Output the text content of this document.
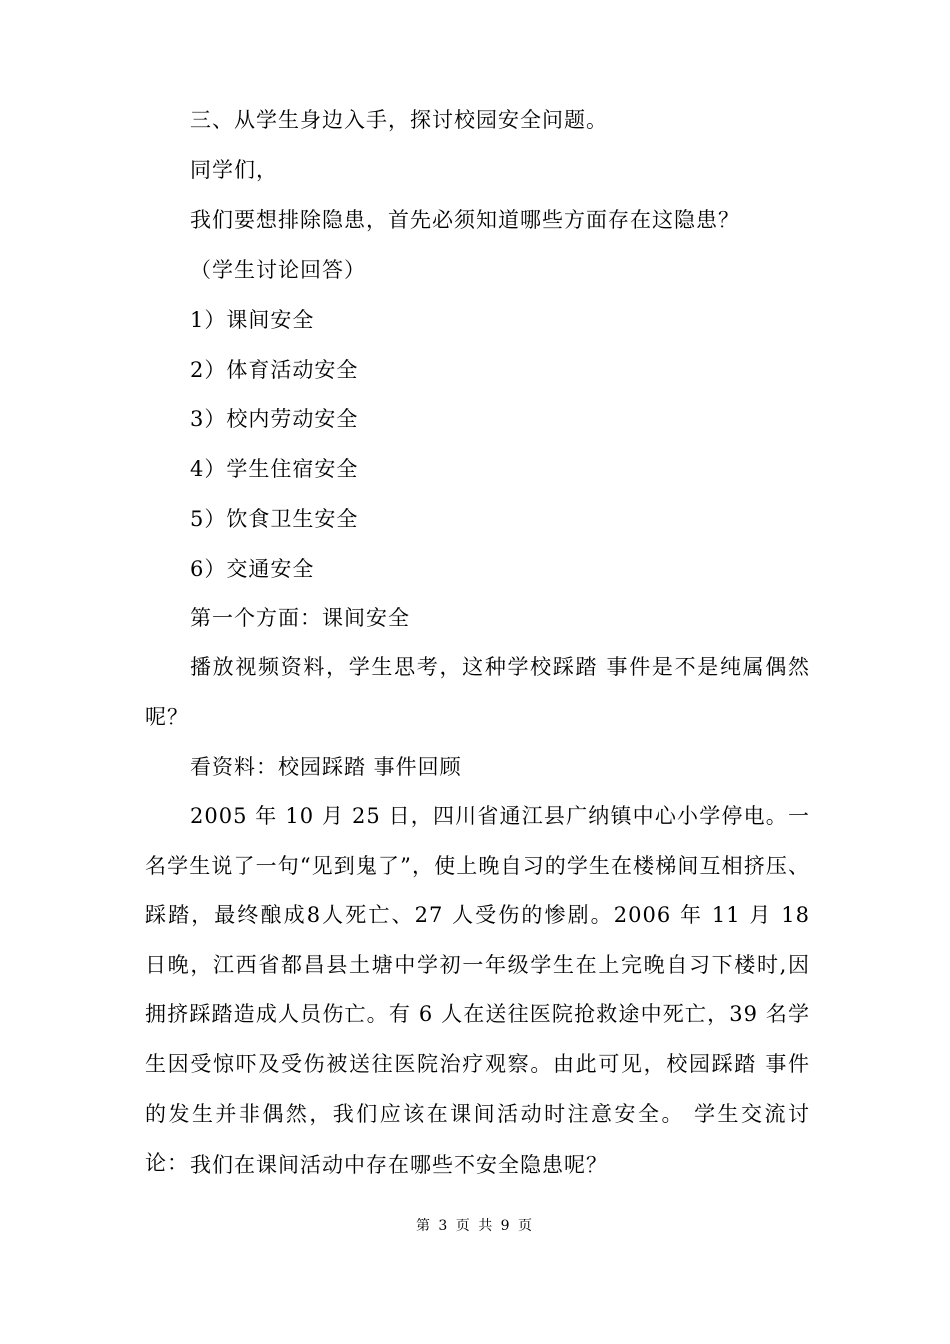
三、从学生身边入手，探讨校园安全问题。
同学们，
我们要想排除隐患，首先必须知道哪些方面存在这隐患？
（学生讨论回答）
1）课间安全
2）体育活动安全
3）校内劳动安全
4）学生住宿安全
5）饮食卫生安全
6）交通安全
第一个方面：课间安全
播放视频资料，学生思考，这种学校踩踏 事件是不是纯属偶然呢？
看资料：校园踩踏 事件回顾
2005 年 10 月 25 日，四川省通江县广纳镇中心小学停电。一名学生说了一句“见到鬼了”，使上晚自习的学生在楼梯间互相挤压、踩踏，最终酿成8人死亡、27 人受伤的惨剧。2006 年 11 月 18 日晚，江西省都昌县土塘中学初一年级学生在上完晚自习下楼时,因拥挤踩踏造成人员伤亡。有 6 人在送往医院抢救途中死亡，39 名学生因受惊吓及受伤被送往医院治疗观察。由此可见，校园踩踏 事件的发生并非偶然，我们应该在课间活动时注意安全。 学生交流讨论： 我们在课间活动中存在哪些不安全隐患呢？
第 3 页 共 9 页
